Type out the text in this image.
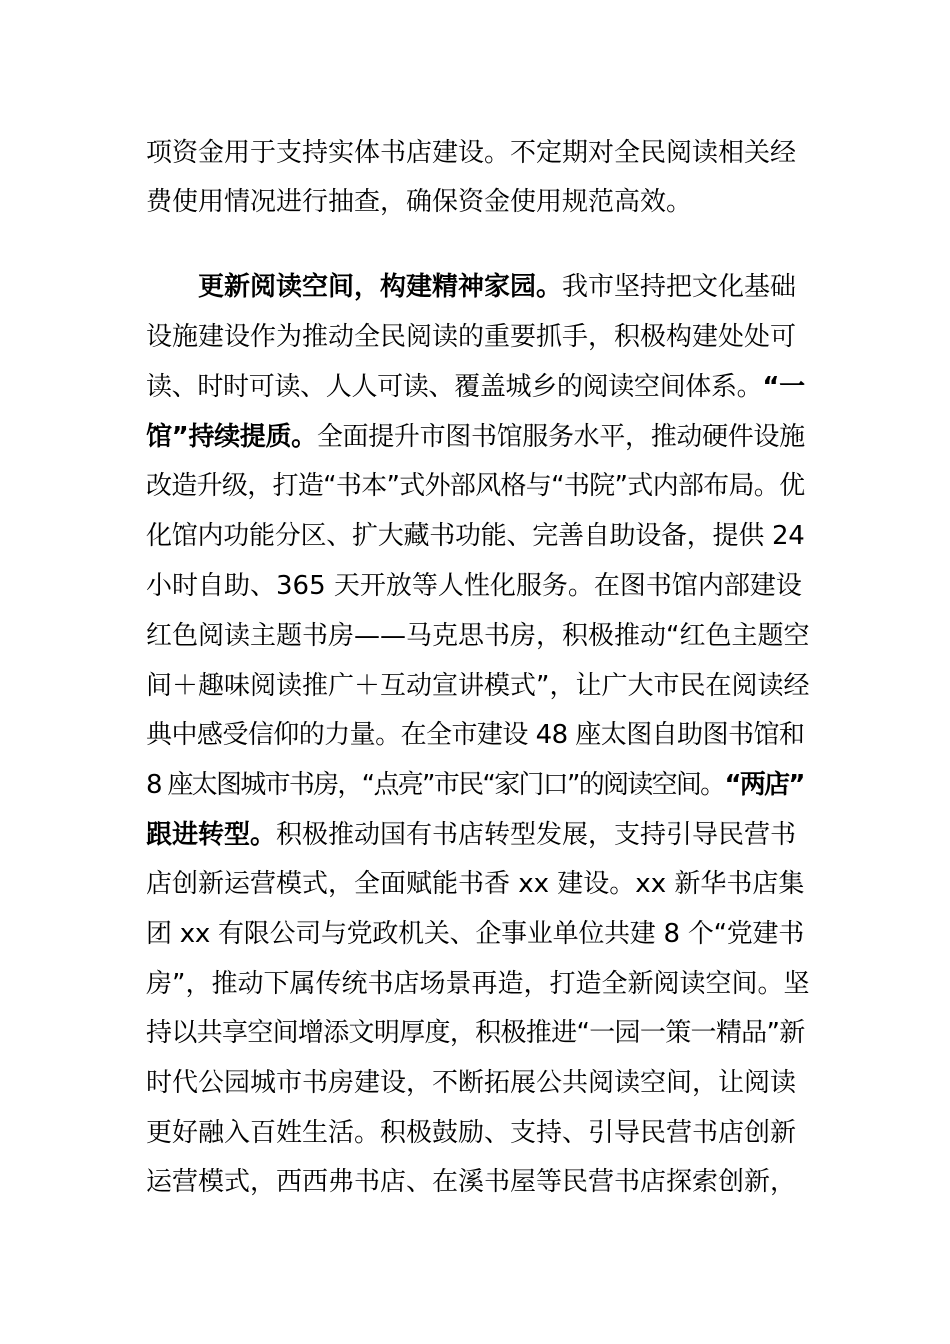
项资金用于支持实体书店建设。不定期对全民阅读相关经
费使用情况进行抽查，确保资金使用规范高效。
更新阅读空间，构建精神家园。我市坚持把文化基础
设施建设作为推动全民阅读的重要抓手，积极构建处处可
读、时时可读、人人可读、覆盖城乡的阅读空间体系。“一
馆”持续提质。全面提升市图书馆服务水平，推动硬件设施
改造升级，打造“书本”式外部风格与“书院”式内部布局。优
化馆内功能分区、扩大藏书功能、完善自助设备，提供 24
小时自助、365 天开放等人性化服务。在图书馆内部建设
红色阅读主题书房——马克思书房，积极推动“红色主题空
间＋趣味阅读推广＋互动宣讲模式”，让广大市民在阅读经
典中感受信仰的力量。在全市建设 48 座太图自助图书馆和
8 座太图城市书房，“点亮”市民“家门口”的阅读空间。“两店”
跟进转型。积极推动国有书店转型发展，支持引导民营书
店创新运营模式，全面赋能书香 xx 建设。xx 新华书店集
团 xx 有限公司与党政机关、企事业单位共建 8 个“党建书
房”，推动下属传统书店场景再造，打造全新阅读空间。坚
持以共享空间增添文明厚度，积极推进“一园一策一精品”新
时代公园城市书房建设，不断拓展公共阅读空间，让阅读
更好融入百姓生活。积极鼓励、支持、引导民营书店创新
运营模式，西西弗书店、在溪书屋等民营书店探索创新，
